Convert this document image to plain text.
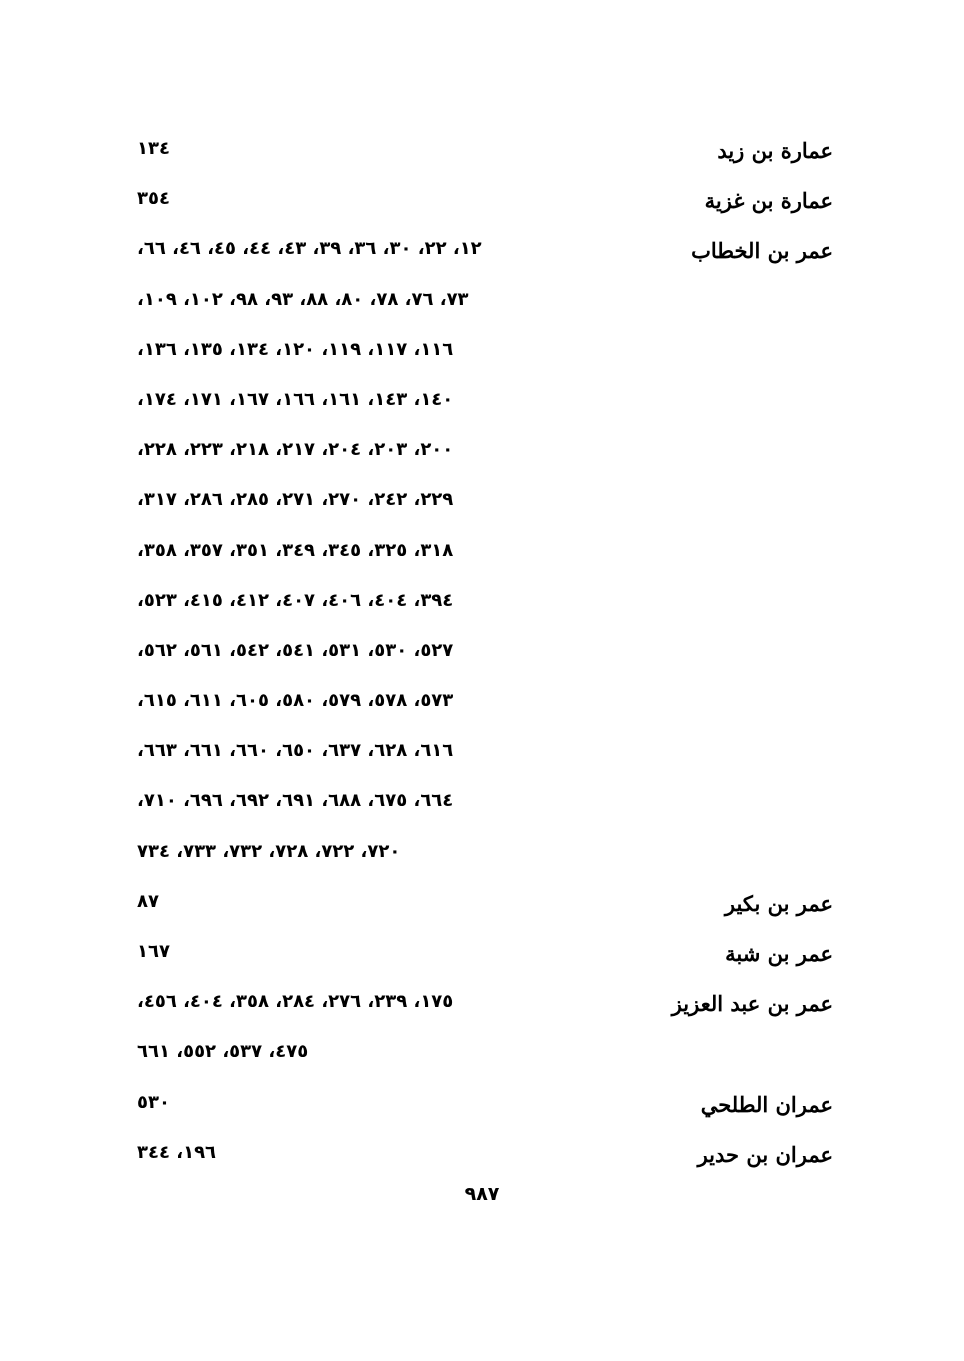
عمارة بن زيد
١٣٤
عمارة بن غزية
٣٥٤
عمر بن الخطاب
١٢، ٢٢، ٣٠، ٣٦، ٣٩، ٤٣، ٤٤، ٤٥، ٤٦، ٦٦،
٧٣، ٧٦، ٧٨، ٨٠، ٨٨، ٩٣، ٩٨، ١٠٢، ١٠٩،
١١٦، ١١٧، ١١٩، ١٢٠، ١٣٤، ١٣٥، ١٣٦،
١٤٠، ١٤٣، ١٦١، ١٦٦، ١٦٧، ١٧١، ١٧٤،
٢٠٠، ٢٠٣، ٢٠٤، ٢١٧، ٢١٨، ٢٢٣، ٢٢٨،
٢٢٩، ٢٤٢، ٢٧٠، ٢٧١، ٢٨٥، ٢٨٦، ٣١٧،
٣١٨، ٣٢٥، ٣٤٥، ٣٤٩، ٣٥١، ٣٥٧، ٣٥٨،
٣٩٤، ٤٠٤، ٤٠٦، ٤٠٧، ٤١٢، ٤١٥، ٥٢٣،
٥٢٧، ٥٣٠، ٥٣١، ٥٤١، ٥٤٢، ٥٦١، ٥٦٢،
٥٧٣، ٥٧٨، ٥٧٩، ٥٨٠، ٦٠٥، ٦١١، ٦١٥،
٦١٦، ٦٢٨، ٦٣٧، ٦٥٠، ٦٦٠، ٦٦١، ٦٦٣،
٦٦٤، ٦٧٥، ٦٨٨، ٦٩١، ٦٩٢، ٦٩٦، ٧١٠،
٧٢٠، ٧٢٢، ٧٢٨، ٧٣٢، ٧٣٣، ٧٣٤
عمر بن بكير
٨٧
عمر بن شبة
١٦٧
عمر بن عبد العزيز
١٧٥، ٢٣٩، ٢٧٦، ٢٨٤، ٣٥٨، ٤٠٤، ٤٥٦،
٤٧٥، ٥٣٧، ٥٥٢، ٦٦١
عمران الطلحي
٥٣٠
عمران بن حدير
١٩٦، ٣٤٤
٩٨٧
